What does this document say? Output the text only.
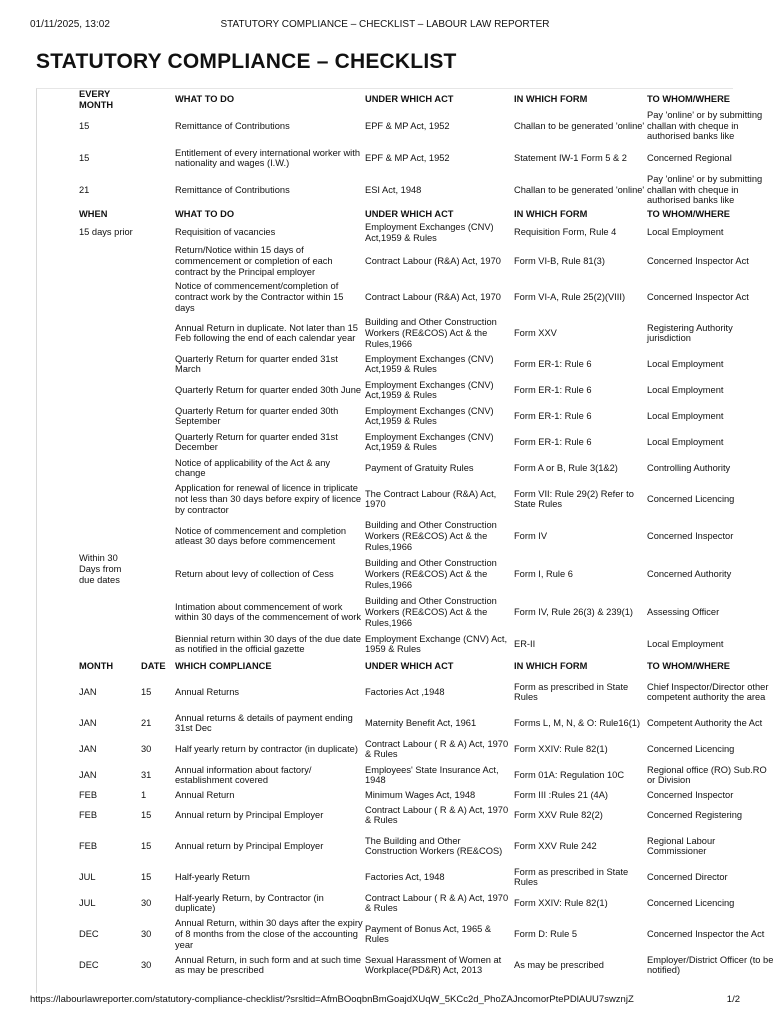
01/11/2025, 13:02	STATUTORY COMPLIANCE – CHECKLIST – LABOUR LAW REPORTER
STATUTORY COMPLIANCE – CHECKLIST
EVERY MONTH		WHAT TO DO	UNDER WHICH ACT	IN WHICH FORM	TO WHOM/WHERE
15		Remittance of Contributions	EPF & MP Act, 1952	Challan to be generated 'online'	Pay 'online' or by submitting challan with cheque in authorised banks like
15		Entitlement of every international worker with nationality and wages (I.W.)	EPF & MP Act, 1952	Statement IW-1 Form 5 & 2	Concerned Regional
21		Remittance of Contributions	ESI Act, 1948	Challan to be generated 'online'	Pay 'online' or by submitting challan with cheque in authorised banks like
WHEN		WHAT TO DO	UNDER WHICH ACT	IN WHICH FORM	TO WHOM/WHERE
15 days prior		Requisition of vacancies	Employment Exchanges (CNV) Act,1959 & Rules	Requisition Form, Rule 4	Local Employment
		Return/Notice within 15 days of commencement or completion of each contract by the Principal employer	Contract Labour (R&A) Act, 1970	Form VI-B, Rule 81(3)	Concerned Inspector Act
		Notice of commencement/completion of contract work by the Contractor within 15 days	Contract Labour (R&A) Act, 1970	Form VI-A, Rule 25(2)(VIII)	Concerned Inspector Act
		Annual Return in duplicate. Not later than 15 Feb following the end of each calendar year	Building and Other Construction Workers (RE&COS) Act & the Rules,1966	Form XXV	Registering Authority jurisdiction
		Quarterly Return for quarter ended 31st March	Employment Exchanges (CNV) Act,1959 & Rules	Form ER-1: Rule 6	Local Employment
		Quarterly Return for quarter ended 30th June	Employment Exchanges (CNV) Act,1959 & Rules	Form ER-1: Rule 6	Local Employment
		Quarterly Return for quarter ended 30th September	Employment Exchanges (CNV) Act,1959 & Rules	Form ER-1: Rule 6	Local Employment
		Quarterly Return for quarter ended 31st December	Employment Exchanges (CNV) Act,1959 & Rules	Form ER-1: Rule 6	Local Employment
		Notice of applicability of the Act & any change	Payment of Gratuity Rules	Form A or B, Rule 3(1&2)	Controlling Authority
Within 30 Days from due dates		Application for renewal of licence in triplicate not less than 30 days before expiry of licence by contractor	The Contract Labour (R&A) Act, 1970	Form VII: Rule 29(2) Refer to State Rules	Concerned Licencing
		Notice of commencement and completion atleast 30 days before commencement	Building and Other Construction Workers (RE&COS) Act & the Rules,1966	Form IV	Concerned Inspector
		Return about levy of collection of Cess	Building and Other Construction Workers (RE&COS) Act & the Rules,1966	Form I, Rule 6	Concerned Authority
		Intimation about commencement of work within 30 days of the commencement of work	Building and Other Construction Workers (RE&COS) Act & the Rules,1966	Form IV, Rule 26(3) & 239(1)	Assessing Officer
		Biennial return within 30 days of the due date as notified in the official gazette	Employment Exchange (CNV) Act, 1959 & Rules	ER-II	Local Employment
MONTH	DATE	WHICH COMPLIANCE	UNDER WHICH ACT	IN WHICH FORM	TO WHOM/WHERE
JAN	15	Annual Returns	Factories Act ,1948	Form as prescribed in State Rules	Chief Inspector/Director other competent authority the area
JAN	21	Annual returns & details of payment ending 31st Dec	Maternity Benefit Act, 1961	Forms L, M, N, & O: Rule16(1)	Competent Authority the Act
JAN	30	Half yearly return by contractor (in duplicate)	Contract Labour ( R & A) Act, 1970 & Rules	Form XXIV: Rule 82(1)	Concerned Licencing
JAN	31	Annual information about factory/ establishment covered	Employees' State Insurance Act, 1948	Form 01A: Regulation 10C	Regional office (RO) Sub.RO or Division
FEB	1	Annual Return	Minimum Wages Act, 1948	Form III :Rules 21 (4A)	Concerned Inspector
FEB	15	Annual return by Principal Employer	Contract Labour ( R & A) Act, 1970 & Rules	Form XXV Rule 82(2)	Concerned Registering
FEB	15	Annual return by Principal Employer	The Building and Other Construction Workers (RE&COS)	Form XXV Rule 242	Regional Labour Commissioner
JUL	15	Half-yearly Return	Factories Act, 1948	Form as prescribed in State Rules	Concerned Director
JUL	30	Half-yearly Return, by Contractor (in duplicate)	Contract Labour ( R & A) Act, 1970 & Rules	Form XXIV: Rule 82(1)	Concerned Licencing
DEC	30	Annual Return, within 30 days after the expiry of 8 months from the close of the accounting year	Payment of Bonus Act, 1965 & Rules	Form D: Rule 5	Concerned Inspector the Act
DEC	30	Annual Return, in such form and at such time as may be prescribed	Sexual Harassment of Women at Workplace(PD&R) Act, 2013	As may be prescribed	Employer/District Officer (to be notified)
https://labourlawreporter.com/statutory-compliance-checklist/?srsltid=AfmBOoqbnBmGoajdXUqW_5KCc2d_PhoZAJncomorPtePDlAUU7swznjZ	1/2
